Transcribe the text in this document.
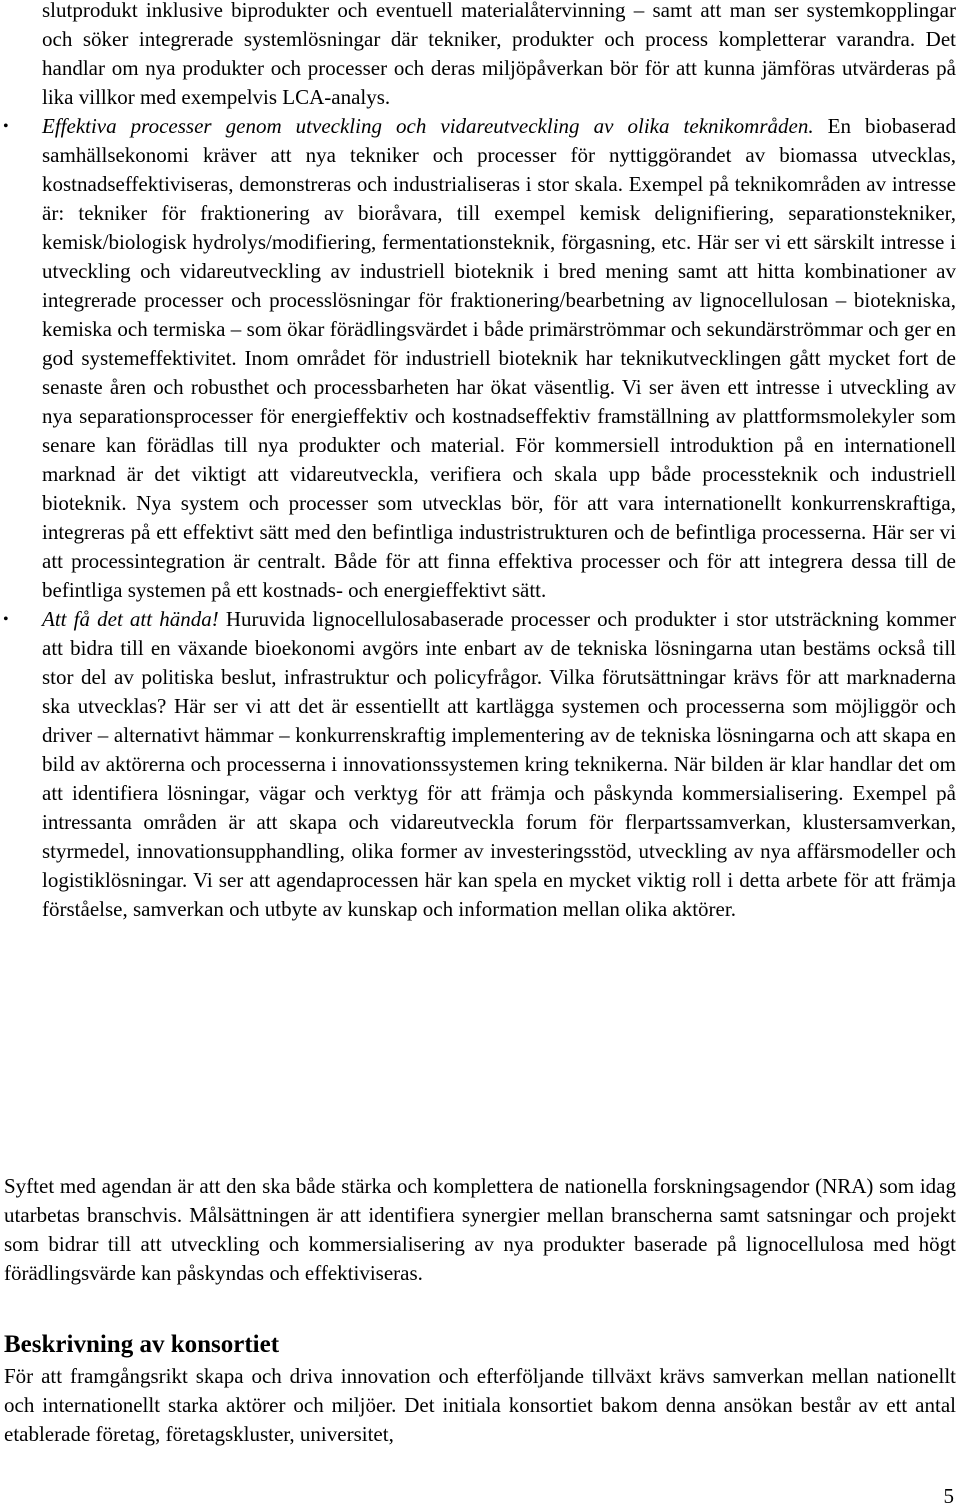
slutprodukt inklusive biprodukter och eventuell materialåtervinning – samt att man ser systemkopplingar och söker integrerade systemlösningar där tekniker, produkter och process kompletterar varandra. Det handlar om nya produkter och processer och deras miljöpåverkan bör för att kunna jämföras utvärderas på lika villkor med exempelvis LCA-analys.
•	Effektiva processer genom utveckling och vidareutveckling av olika teknikområden. En biobaserad samhällsekonomi kräver att nya tekniker och processer för nyttiggörandet av biomassa utvecklas, kostnadseffektiviseras, demonstreras och industrialiseras i stor skala. Exempel på teknikområden av intresse är: tekniker för fraktionering av bioråvara, till exempel kemisk delignifiering, separationstekniker, kemisk/biologisk hydrolys/modifiering, fermentationsteknik, förgasning, etc. Här ser vi ett särskilt intresse i utveckling och vidareutveckling av industriell bioteknik i bred mening samt att hitta kombinationer av integrerade processer och processlösningar för fraktionering/bearbetning av lignocellulosan – biotekniska, kemiska och termiska – som ökar förädlingsvärdet i både primärströmmar och sekundärströmmar och ger en god systemeffektivitet. Inom området för industriell bioteknik har teknikutvecklingen gått mycket fort de senaste åren och robusthet och processbarheten har ökat väsentlig. Vi ser även ett intresse i utveckling av nya separationsprocesser för energieffektiv och kostnadseffektiv framställning av plattformsmolekyler som senare kan förädlas till nya produkter och material. För kommersiell introduktion på en internationell marknad är det viktigt att vidareutveckla, verifiera och skala upp både processteknik och industriell bioteknik. Nya system och processer som utvecklas bör, för att vara internationellt konkurrenskraftiga, integreras på ett effektivt sätt med den befintliga industristrukturen och de befintliga processerna. Här ser vi att processintegration är centralt. Både för att finna effektiva processer och för att integrera dessa till de befintliga systemen på ett kostnads- och energieffektivt sätt.
•	Att få det att hända! Huruvida lignocellulosabaserade processer och produkter i stor utsträckning kommer att bidra till en växande bioekonomi avgörs inte enbart av de tekniska lösningarna utan bestäms också till stor del av politiska beslut, infrastruktur och policyfrågor. Vilka förutsättningar krävs för att marknaderna ska utvecklas? Här ser vi att det är essentiellt att kartlägga systemen och processerna som möjliggör och driver – alternativt hämmar – konkurrenskraftig implementering av de tekniska lösningarna och att skapa en bild av aktörerna och processerna i innovationssystemen kring teknikerna. När bilden är klar handlar det om att identifiera lösningar, vägar och verktyg för att främja och påskynda kommersialisering. Exempel på intressanta områden är att skapa och vidareutveckla forum för flerpartssamverkan, klustersamverkan, styrmedel, innovationsupphandling, olika former av investeringsstöd, utveckling av nya affärsmodeller och logistiklösningar. Vi ser att agendaprocessen här kan spela en mycket viktig roll i detta arbete för att främja förståelse, samverkan och utbyte av kunskap och information mellan olika aktörer.

Syftet med agendan är att den ska både stärka och komplettera de nationella forskningsagendor (NRA) som idag utarbetas branschvis. Målsättningen är att identifiera synergier mellan branscherna samt satsningar och projekt som bidrar till att utveckling och kommersialisering av nya produkter baserade på lignocellulosa med högt förädlingsvärde kan påskyndas och effektiviseras.

Beskrivning av konsortiet

För att framgångsrikt skapa och driva innovation och efterföljande tillväxt krävs samverkan mellan nationellt och internationellt starka aktörer och miljöer. Det initiala konsortiet bakom denna ansökan består av ett antal etablerade företag, företagskluster, universitet,

5
